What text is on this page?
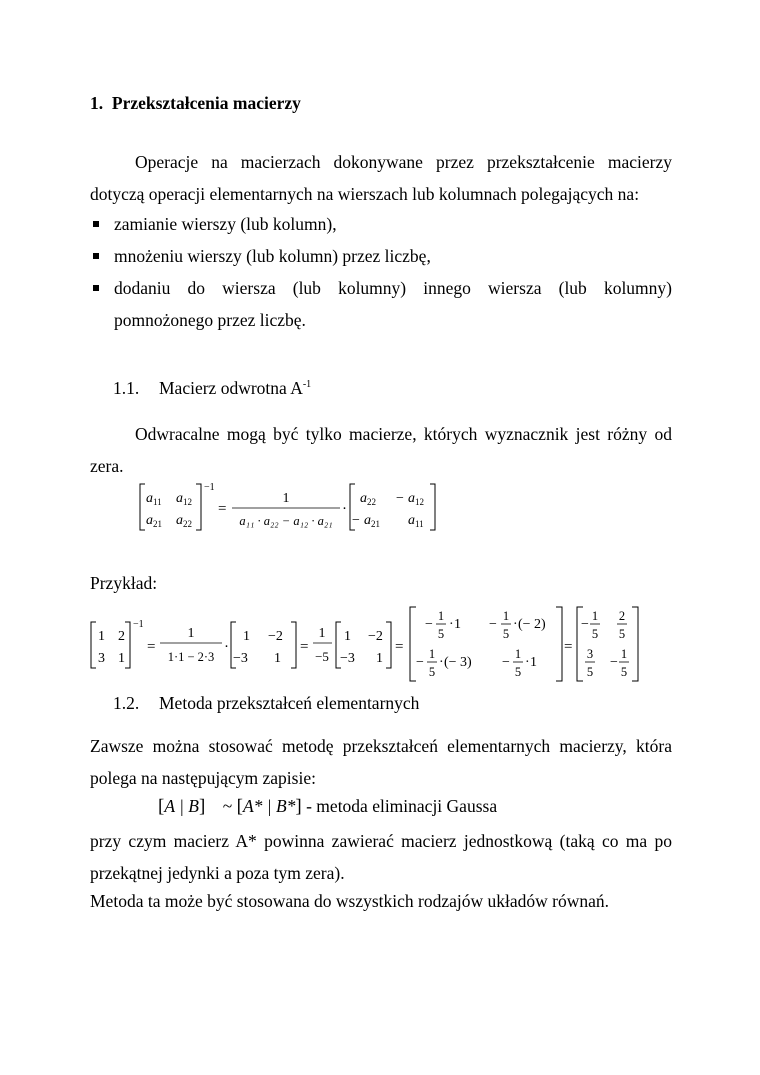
1. Przekształcenia macierzy
Operacje na macierzach dokonywane przez przekształcenie macierzy dotyczą operacji elementarnych na wierszach lub kolumnach polegających na:
zamianie wierszy (lub kolumn),
mnożeniu wierszy (lub kolumn) przez liczbę,
dodaniu do wiersza (lub kolumny) innego wiersza (lub kolumny)
pomnożonego przez liczbę.
1.1. Macierz odwrotna $A^{-1}$
Odwracalne mogą być tylko macierze, których wyznacznik jest różny od
zera.
a 11 a 12
a 21 a 22
−1
=
1
a₁₁ · a₂₂ − a₁₂ · a₂₁
·
a 22 − a 12
− a 21 a 11
Przykład:
1 2
3 1
−1
=
1
1·1 − 2·3
·
1 −2
−3 1
=
1
−5
1 −2
−3 1
=
−
1
5
· 1 −
1
5
· (− 2)
−
1
5
· (− 3) −
1
5
· 1
=
−
1
5
2
5
3
5
−
1
5
1.2. Metoda przekształceń elementarnych
Zawsze można stosować metodę przekształceń elementarnych macierzy, która
polega na następującym zapisie:
[A | B] ~ [A* | B*] - metoda eliminacji Gaussa
przy czym macierz A* powinna zawierać macierz jednostkową (taką co ma po
przekątnej jedynki a poza tym zera).
Metoda ta może być stosowana do wszystkich rodzajów układów równań.
